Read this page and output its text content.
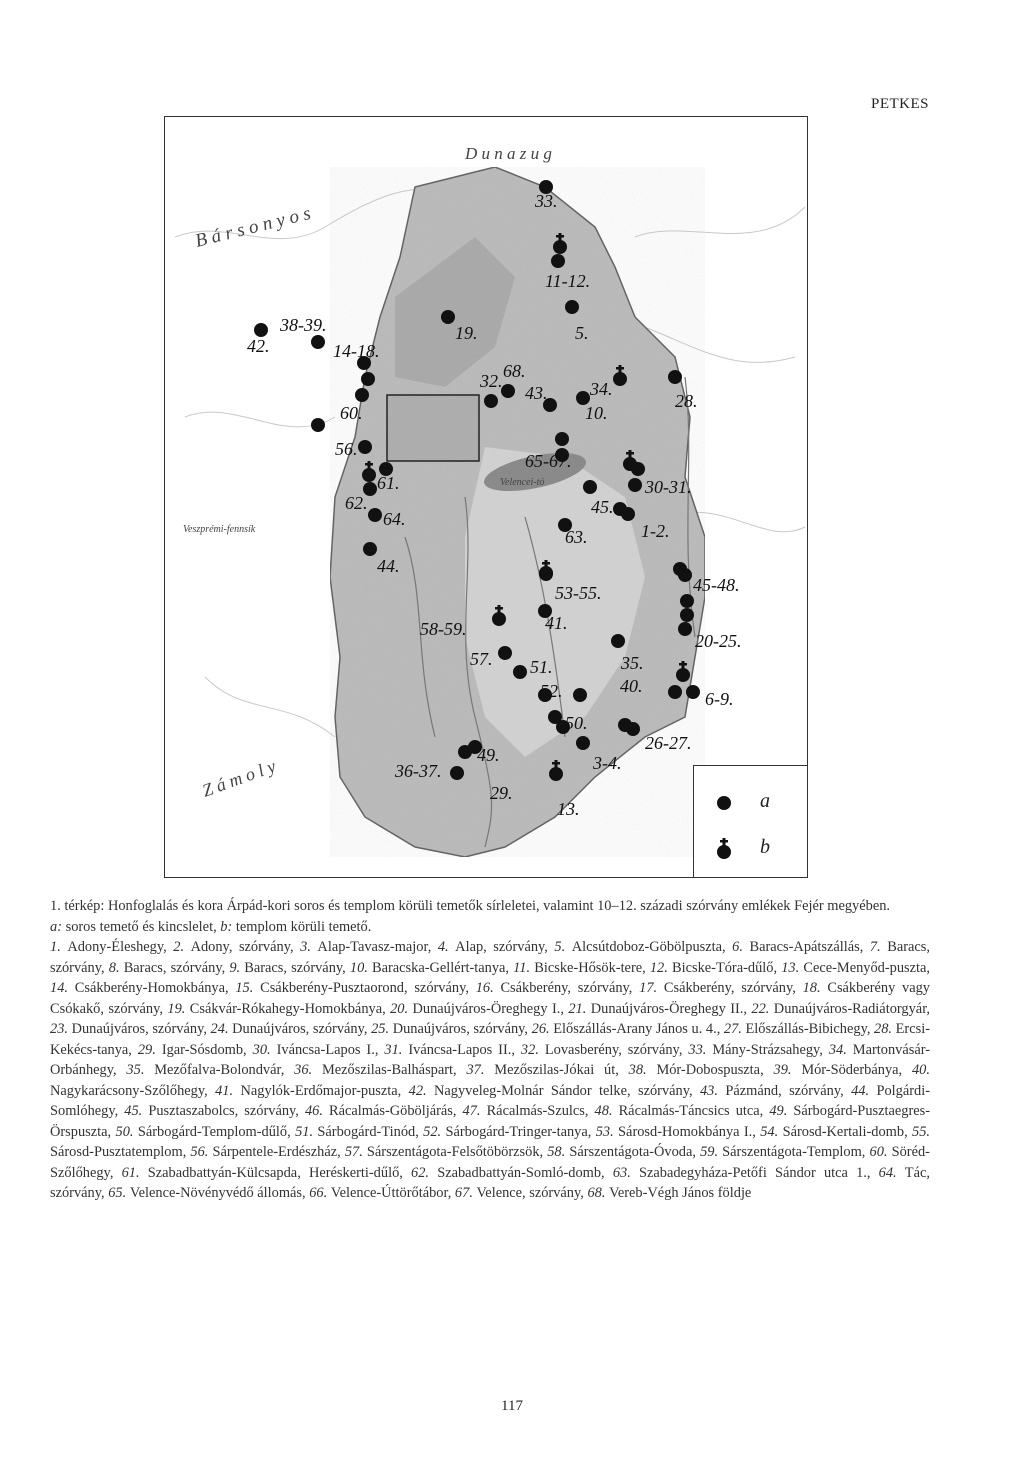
PETKES
D u n a z u g
B á r s o n y o s
Velencei-tó
Veszprémi-fennsík
Z á m o l y
33.
11-12.
5.
38-39.
42.	14-18.
19.
60.
56.
32. 68.
43. 34.
10.
28.
65-67.
30-31.
45.
61.
62.
64.
1-2.
63.
44.
45-48.
53-55.
58-59.	41.
20-25.
57. 51.	35.
52.	40.
6-9.
50.
26-27.
36-37.
49.	3-4.
29.
13.	a
b

1. térkép: Honfoglalás és kora Árpád-kori soros és templom körüli temetők sírleletei, valamint 10–12. századi szórvány emlékek Fejér megyében.

a: soros temető és kincslelet, b: templom körüli temető.

1. Adony-Éleshegy, 2. Adony, szórvány, 3. Alap-Tavasz-major, 4. Alap, szórvány, 5. Alcsútdoboz-Göbölpuszta, 6. Baracs-Apátszállás, 7. Baracs, szórvány, 8. Baracs, szórvány, 9. Baracs, szórvány, 10. Baracska-Gellért-tanya, 11. Bicske-Hősök-tere, 12. Bicske-Tóra-dűlő, 13. Cece-Menyőd-puszta, 14. Csákberény-Homokbánya, 15. Csákberény-Pusztaorond, szórvány, 16. Csákberény, szórvány, 17. Csákberény, szórvány, 18. Csákberény vagy Csókakő, szórvány, 19. Csákvár-Rókahegy-Homokbánya, 20. Dunaújváros-Öreghegy I., 21. Dunaújváros-Öreghegy II., 22. Dunaújváros-Radiátorgyár, 23. Dunaújváros, szórvány, 24. Dunaújváros, szórvány, 25. Dunaújváros, szórvány, 26. Előszállás-Arany János u. 4., 27. Előszállás-Bibichegy, 28. Ercsi-Kekécs-tanya, 29. Igar-Sósdomb, 30. Iváncsa-Lapos I., 31. Iváncsa-Lapos II., 32. Lovasberény, szórvány, 33. Mány-Strázsahegy, 34. Martonvásár-Orbánhegy, 35. Mezőfalva-Bolondvár, 36. Mezőszilas-Balháspart, 37. Mezőszilas-Jókai út, 38. Mór-Dobospuszta, 39. Mór-Söderbánya, 40. Nagykarácsony-Szőlőhegy, 41. Nagylók-Erdőmajor-puszta, 42. Nagyveleg-Molnár Sándor telke, szórvány, 43. Pázmánd, szórvány, 44. Polgárdi-Somlóhegy, 45. Pusztaszabolcs, szórvány, 46. Rácalmás-Göböljárás, 47. Rácalmás-Szulcs, 48. Rácalmás-Táncsics utca, 49. Sárbogárd-Pusztaegres-Örspuszta, 50. Sárbogárd-Templom-dűlő, 51. Sárbogárd-Tinód, 52. Sárbogárd-Tringer-tanya, 53. Sárosd-Homokbánya I., 54. Sárosd-Kertali-domb, 55. Sárosd-Pusztatemplom, 56. Sárpentele-Erdészház, 57. Sárszentágota-Felsőtöbörzsök, 58. Sárszentágota-Óvoda, 59. Sárszentágota-Templom, 60. Söréd-Szőlőhegy, 61. Szabadbattyán-Külcsapda, Heréskerti-dűlő, 62. Szabadbattyán-Somló-domb, 63. Szabadegyháza-Petőfi Sándor utca 1., 64. Tác, szórvány, 65. Velence-Növényvédő állomás, 66. Velence-Úttörőtábor, 67. Velence, szórvány, 68. Vereb-Végh János földje

117
